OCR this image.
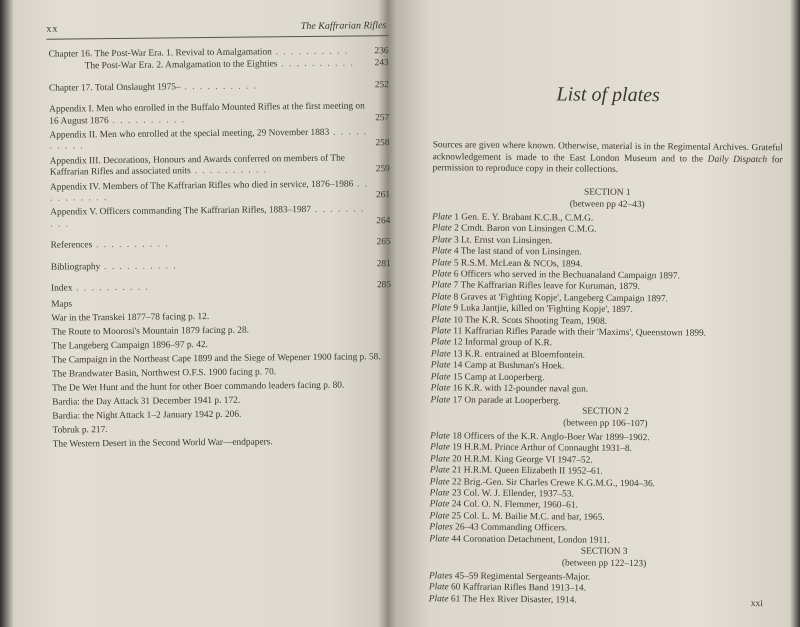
xx	The Kaffrarian Rifles
Chapter 16. The Post-War Era. 1. Revival to Amalgamation . . . . . . . . . .	236
The Post-War Era. 2. Amalgamation to the Eighties . . . . . . . . . . 243
Chapter 17. Total Onslaught 1975– . . . . . . . . . .	252
Appendix I. Men who enrolled in the Buffalo Mounted Rifles at the first meeting on 16 August 1876 . . . . . . . . . .	257
Appendix II. Men who enrolled at the special meeting, 29 November 1883 . . . . . . . . . .	258
Appendix III. Decorations, Honours and Awards conferred on members of The Kaffrarian Rifles and associated units . . . . . . . . . .	259
Appendix IV. Members of The Kaffrarian Rifles who died in service, 1876–1986 . . . . . . . . . .	261
Appendix V. Officers commanding The Kaffrarian Rifles, 1883–1987 . . . . . . . . . .	264
References . . . . . . . . . .	265
Bibliography . . . . . . . . . .	281
Index . . . . . . . . . .	285
Maps
War in the Transkei 1877–78 facing p. 12.
The Route to Moorosi's Mountain 1879 facing p. 28.
The Langeberg Campaign 1896–97 p. 42.
The Campaign in the Northeast Cape 1899 and the Siege of Wepener 1900 facing p. 58.
The Brandwater Basin, Northwest O.F.S. 1900 facing p. 70.
The De Wet Hunt and the hunt for other Boer commando leaders facing p. 80.
Bardia: the Day Attack 31 December 1941 p. 172.
Bardia: the Night Attack 1–2 January 1942 p. 206.
Tobruk p. 217.
The Western Desert in the Second World War—endpapers.
List of plates
Sources are given where known. Otherwise, material is in the Regimental Archives. Grateful acknowledgement is made to the East London Museum and to the Daily Dispatch for permission to reproduce copy in their collections.
SECTION 1
(between pp 42–43)
Plate 1 Gen. E. Y. Brabant K.C.B., C.M.G.
Plate 2 Cmdt. Baron von Linsingen C.M.G.
Plate 3 Lt. Ernst von Linsingen.
Plate 4 The last stand of von Linsingen.
Plate 5 R.S.M. McLean & NCOs, 1894.
Plate 6 Officers who served in the Bechuanaland Campaign 1897.
Plate 7 The Kaffrarian Rifles leave for Kuruman, 1879.
Plate 8 Graves at 'Fighting Kopje', Langeberg Campaign 1897.
Plate 9 Luka Jantjie, killed on 'Fighting Kopje', 1897.
Plate 10 The K.R. Scots Shooting Team, 1908.
Plate 11 Kaffrarian Rifles Parade with their 'Maxims', Queenstown 1899.
Plate 12 Informal group of K.R.
Plate 13 K.R. entrained at Bloemfontein.
Plate 14 Camp at Bushman's Hoek.
Plate 15 Camp at Looperberg.
Plate 16 K.R. with 12-pounder naval gun.
Plate 17 On parade at Looperberg.
SECTION 2
(between pp 106–107)
Plate 18 Officers of the K.R. Anglo-Boer War 1899–1902.
Plate 19 H.R.M. Prince Arthur of Connaught 1931–8.
Plate 20 H.R.M. King George VI 1947–52.
Plate 21 H.R.M. Queen Elizabeth II 1952–61.
Plate 22 Brig.-Gen. Sir Charles Crewe K.G.M.G., 1904–36.
Plate 23 Col. W. J. Ellender, 1937–53.
Plate 24 Col. O. N. Flemmer, 1960–61.
Plate 25 Col. L. M. Bailie M.C. and bar, 1965.
Plates 26–43 Commanding Officers.
Plate 44 Coronation Detachment, London 1911.
SECTION 3
(between pp 122–123)
Plates 45–59 Regimental Sergeants-Major.
Plate 60 Kaffrarian Rifles Band 1913–14.
Plate 61 The Hex River Disaster, 1914.	xxi
